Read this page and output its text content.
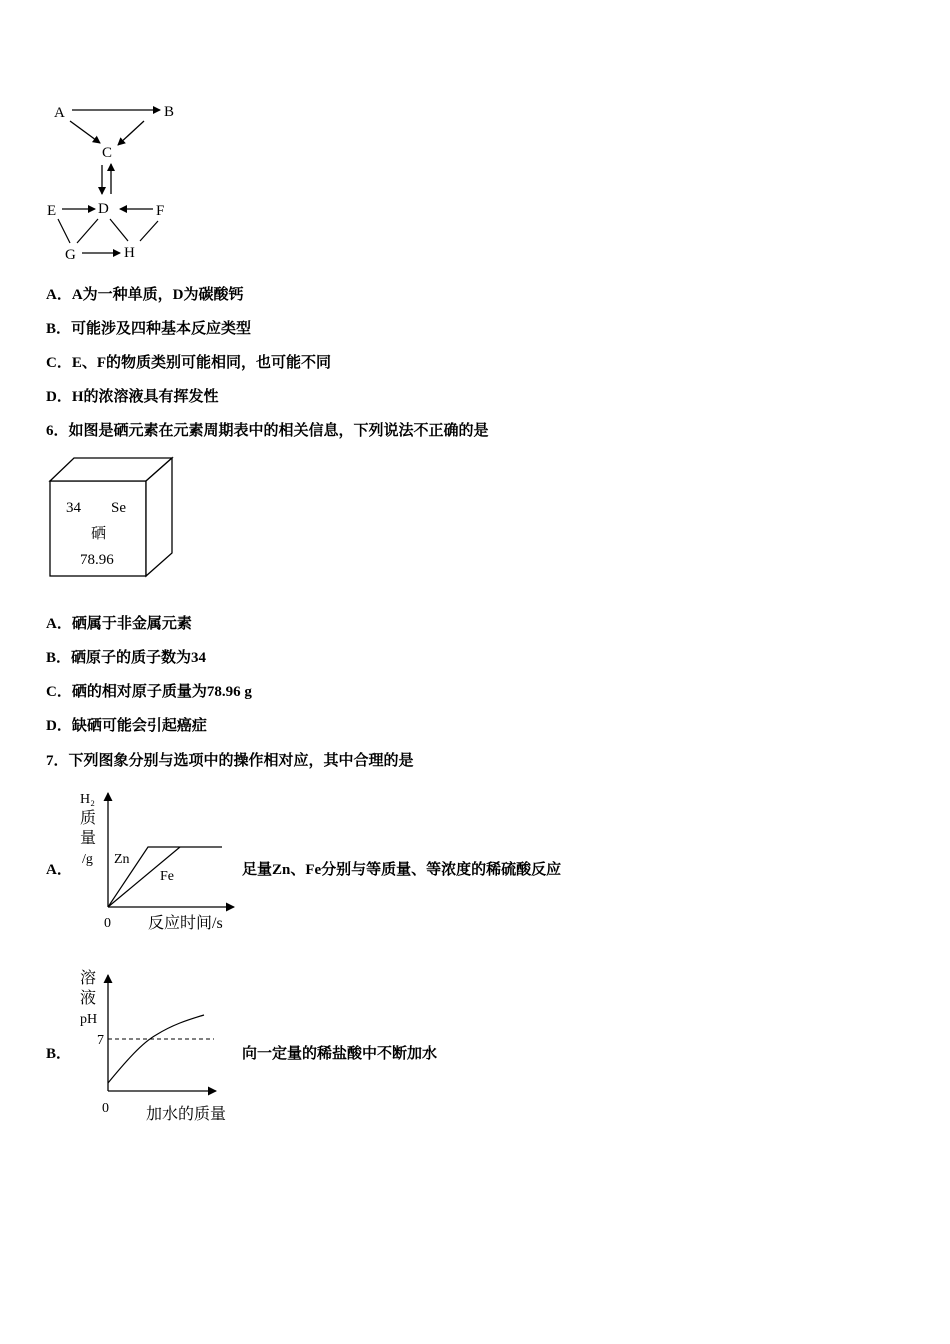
A	B
C
D
E	F
G	H
A．A为一种单质，D为碳酸钙
B．可能涉及四种基本反应类型
C．E、F的物质类别可能相同，也可能不同
D．H的浓溶液具有挥发性
6．如图是硒元素在元素周期表中的相关信息，下列说法不正确的是
34 Se
硒
78.96
A．硒属于非金属元素
B．硒原子的质子数为34
C．硒的相对原子质量为78.96 g
D．缺硒可能会引起癌症
7．下列图象分别与选项中的操作相对应，其中合理的是
A．
H₂
质
量
/g
0 反应时间/s
Zn
Fe	足量Zn、Fe分别与等质量、等浓度的稀硫酸反应
B．
溶
液
pH
7
0 加水的质量
向一定量的稀盐酸中不断加水
